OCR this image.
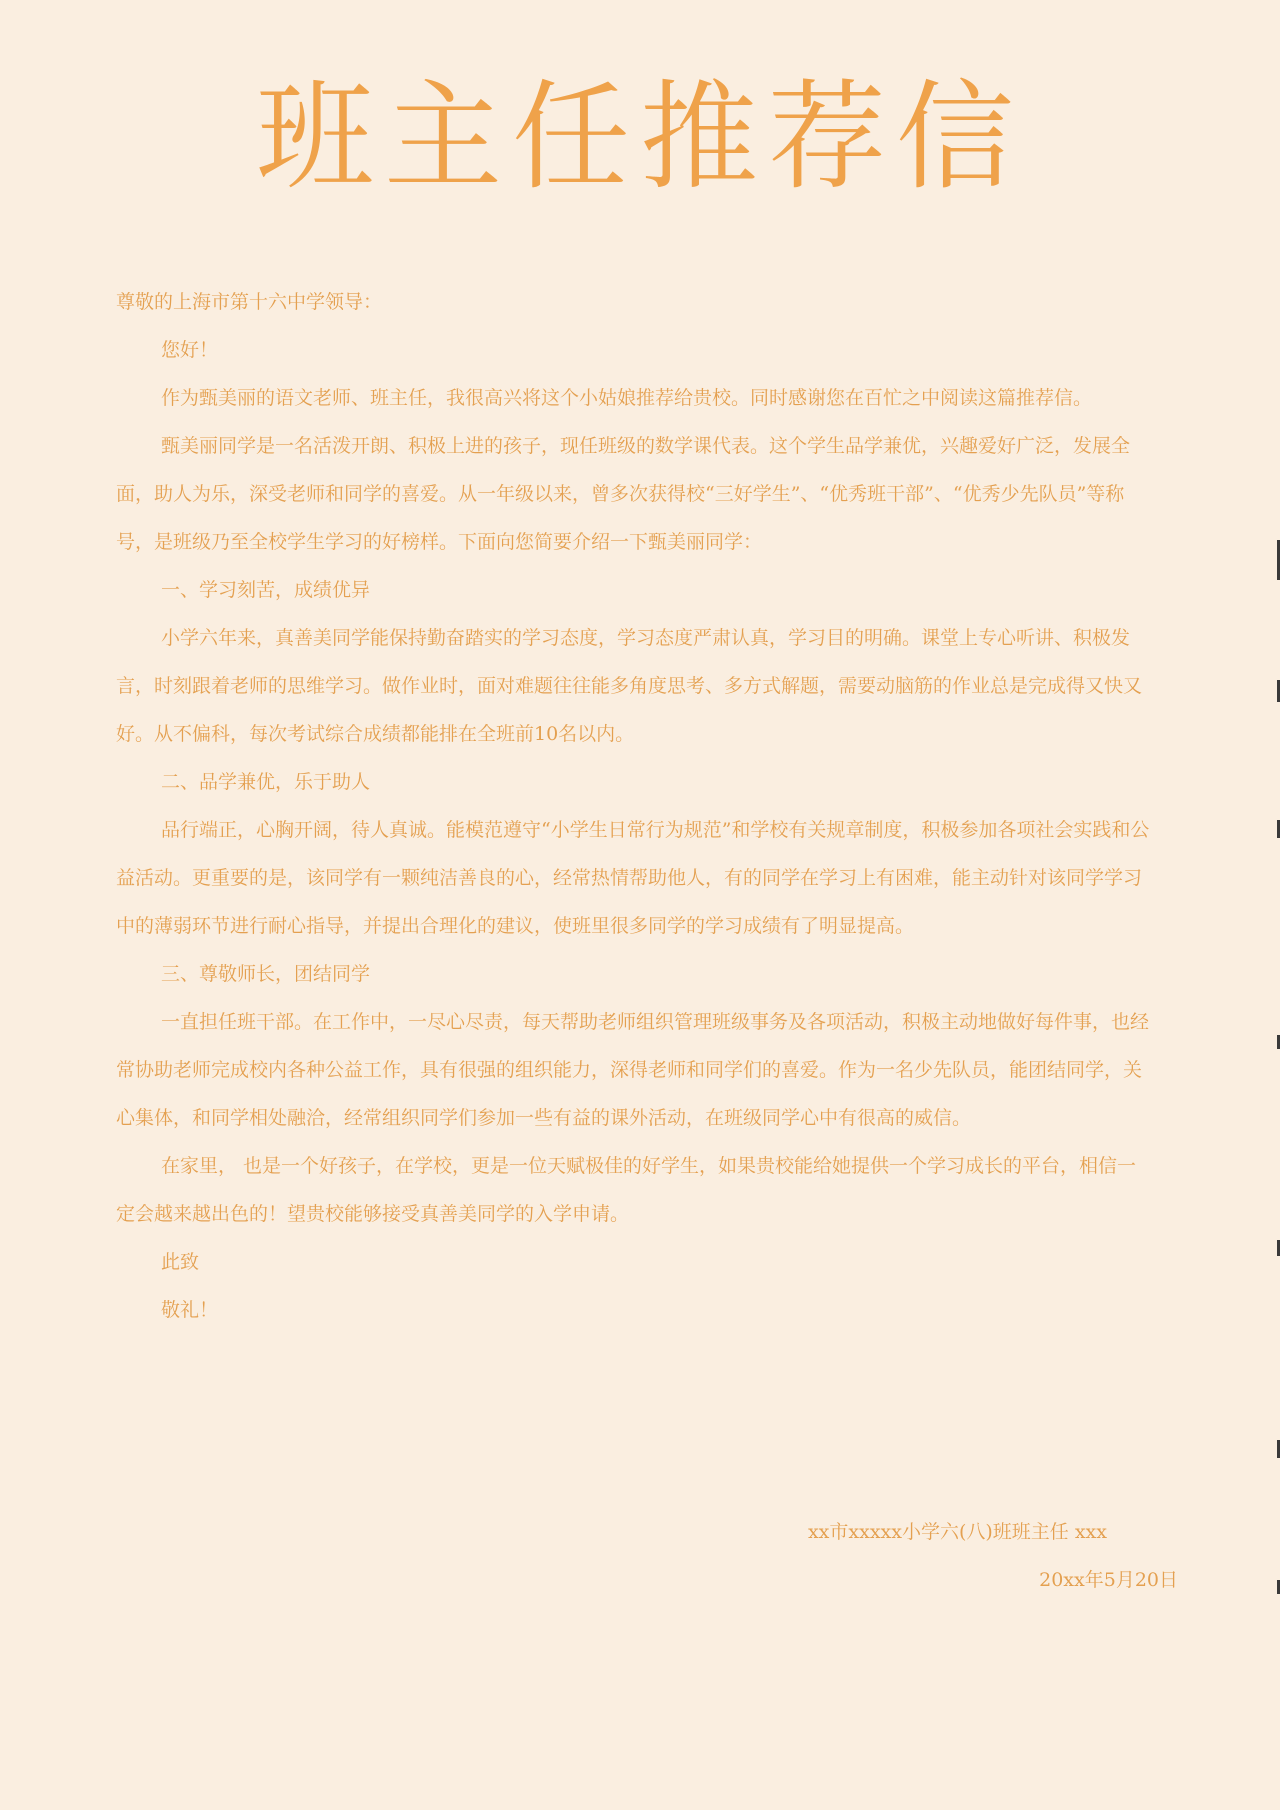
班主任推荐信

尊敬的上海市第十六中学领导：

您好！

作为甄美丽的语文老师、班主任，我很高兴将这个小姑娘推荐给贵校。同时感谢您在百忙之中阅读这篇推荐信。

甄美丽同学是一名活泼开朗、积极上进的孩子，现任班级的数学课代表。这个学生品学兼优，兴趣爱好广泛，发展全面，助人为乐，深受老师和同学的喜爱。从一年级以来，曾多次获得校“三好学生”、“优秀班干部”、“优秀少先队员”等称号，是班级乃至全校学生学习的好榜样。下面向您简要介绍一下甄美丽同学：

一、学习刻苦，成绩优异

小学六年来，真善美同学能保持勤奋踏实的学习态度，学习态度严肃认真，学习目的明确。课堂上专心听讲、积极发言，时刻跟着老师的思维学习。做作业时，面对难题往往能多角度思考、多方式解题，需要动脑筋的作业总是完成得又快又好。从不偏科，每次考试综合成绩都能排在全班前10名以内。

二、品学兼优，乐于助人

品行端正，心胸开阔，待人真诚。能模范遵守“小学生日常行为规范”和学校有关规章制度，积极参加各项社会实践和公益活动。更重要的是，该同学有一颗纯洁善良的心，经常热情帮助他人，有的同学在学习上有困难，能主动针对该同学学习中的薄弱环节进行耐心指导，并提出合理化的建议，使班里很多同学的学习成绩有了明显提高。

三、尊敬师长，团结同学

一直担任班干部。在工作中，一尽心尽责，每天帮助老师组织管理班级事务及各项活动，积极主动地做好每件事，也经常协助老师完成校内各种公益工作，具有很强的组织能力，深得老师和同学们的喜爱。作为一名少先队员，能团结同学，关心集体，和同学相处融洽，经常组织同学们参加一些有益的课外活动，在班级同学心中有很高的威信。

在家里， 也是一个好孩子，在学校，更是一位天赋极佳的好学生，如果贵校能给她提供一个学习成长的平台，相信一定会越来越出色的！望贵校能够接受真善美同学的入学申请。

此致

敬礼！

xx市xxxxx小学六(八)班班主任 xxx
20xx年5月20日
